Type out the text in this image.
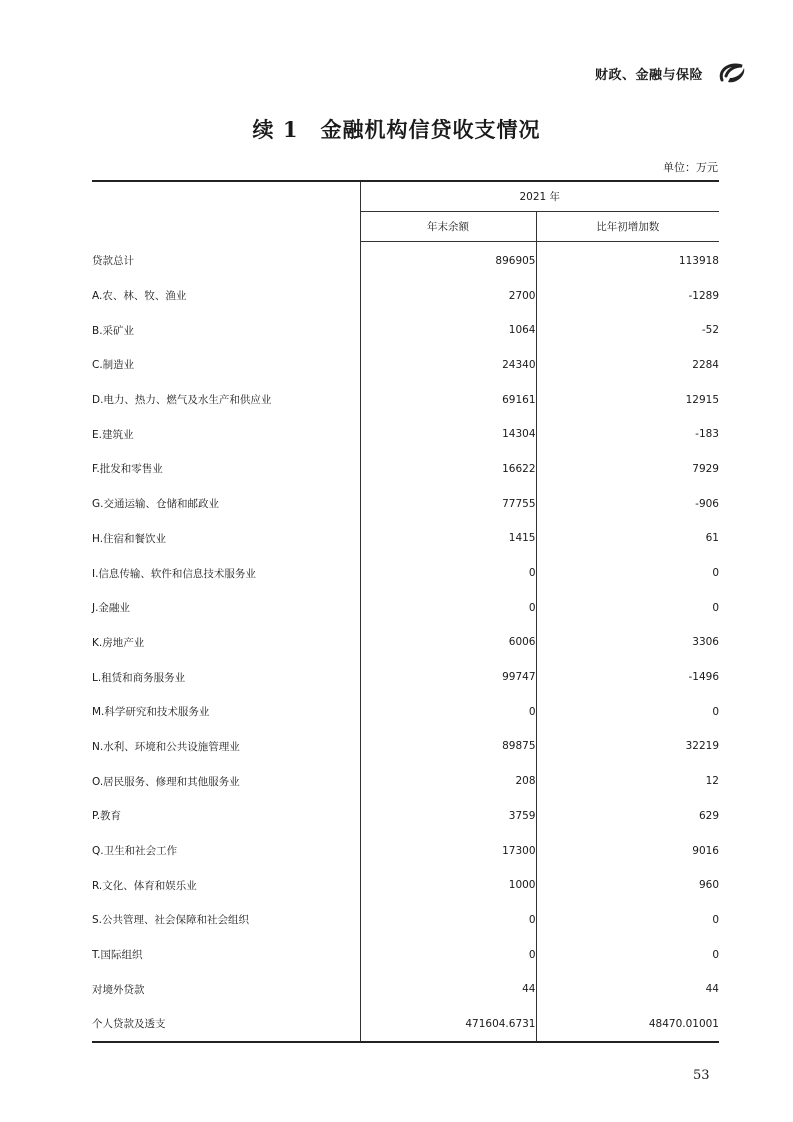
财政、金融与保险
续 1　金融机构信贷收支情况
单位：万元
	2021 年	
	年末余额	比年初增加数
贷款总计	896905	113918
A.农、林、牧、渔业	2700	-1289
B.采矿业	1064	-52
C.制造业	24340	2284
D.电力、热力、燃气及水生产和供应业	69161	12915
E.建筑业	14304	-183
F.批发和零售业	16622	7929
G.交通运输、仓储和邮政业	77755	-906
H.住宿和餐饮业	1415	61
I.信息传输、软件和信息技术服务业	0	0
J.金融业	0	0
K.房地产业	6006	3306
L.租赁和商务服务业	99747	-1496
M.科学研究和技术服务业	0	0
N.水利、环境和公共设施管理业	89875	32219
O.居民服务、修理和其他服务业	208	12
P.教育	3759	629
Q.卫生和社会工作	17300	9016
R.文化、体育和娱乐业	1000	960
S.公共管理、社会保障和社会组织	0	0
T.国际组织	0	0
对境外贷款	44	44
个人贷款及透支	471604.6731	48470.01001
53
